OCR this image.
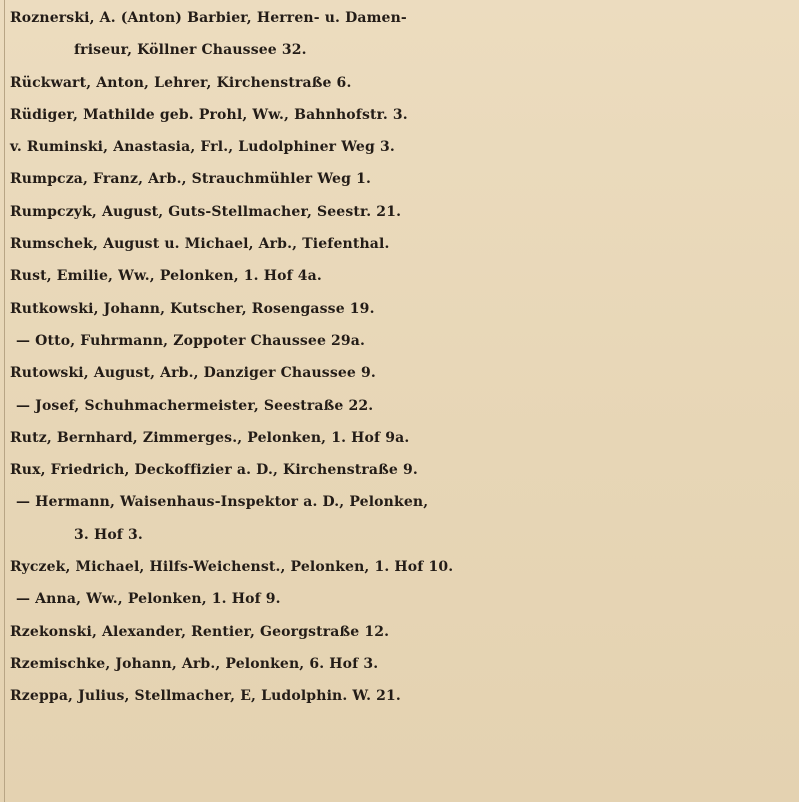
Roznerski, A. (Anton) Barbier, Herren- u. Damen-
friseur, Köllner Chaussee 32.
Rückwart, Anton, Lehrer, Kirchenstraße 6.
Rüdiger, Mathilde geb. Prohl, Ww., Bahnhofstr. 3.
v. Ruminski, Anastasia, Frl., Ludolphiner Weg 3.
Rumpcza, Franz, Arb., Strauchmühler Weg 1.
Rumpczyk, August, Guts-Stellmacher, Seestr. 21.
Rumschek, August u. Michael, Arb., Tiefenthal.
Rust, Emilie, Ww., Pelonken, 1. Hof 4a.
Rutkowski, Johann, Kutscher, Rosengasse 19.
— Otto, Fuhrmann, Zoppoter Chaussee 29a.
Rutowski, August, Arb., Danziger Chaussee 9.
— Josef, Schuhmachermeister, Seestraße 22.
Rutz, Bernhard, Zimmerges., Pelonken, 1. Hof 9a.
Rux, Friedrich, Deckoffizier a. D., Kirchenstraße 9.
— Hermann, Waisenhaus-Inspektor a. D., Pelonken,
3. Hof 3.
Ryczek, Michael, Hilfs-Weichenst., Pelonken, 1. Hof 10.
— Anna, Ww., Pelonken, 1. Hof 9.
Rzekonski, Alexander, Rentier, Georgstraße 12.
Rzemischke, Johann, Arb., Pelonken, 6. Hof 3.
Rzeppa, Julius, Stellmacher, E, Ludolphin. W. 21.
